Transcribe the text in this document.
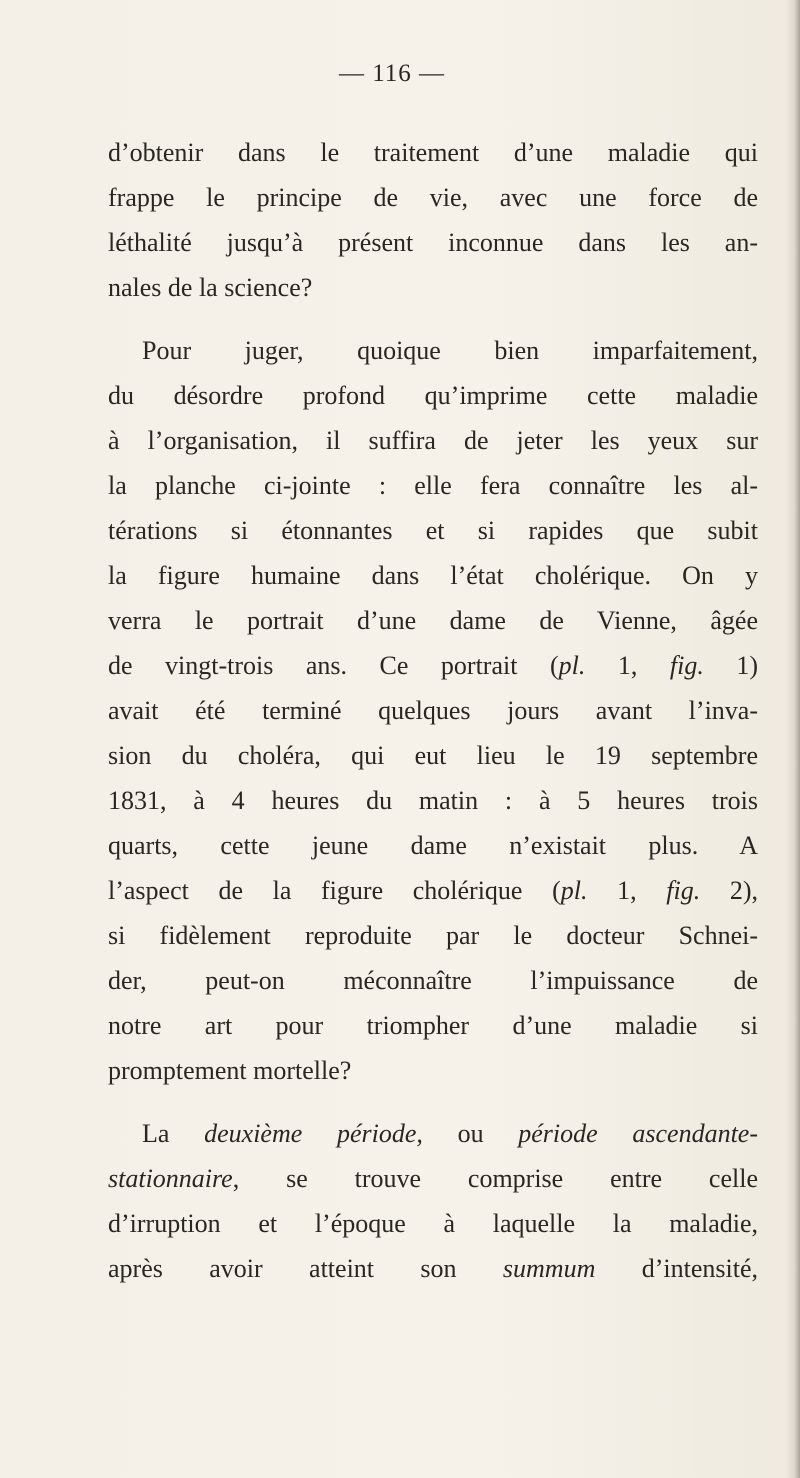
— 116 —
d’obtenir dans le traitement d’une maladie qui
frappe le principe de vie, avec une force de
léthalité jusqu’à présent inconnue dans les an-
nales de la science?
Pour juger, quoique bien imparfaitement,
du désordre profond qu’imprime cette maladie
à l’organisation, il suffira de jeter les yeux sur
la planche ci-jointe : elle fera connaître les al-
térations si étonnantes et si rapides que subit
la figure humaine dans l’état cholérique. On y
verra le portrait d’une dame de Vienne, âgée
de vingt-trois ans. Ce portrait (pl. 1, fig. 1)
avait été terminé quelques jours avant l’inva-
sion du choléra, qui eut lieu le 19 septembre
1831, à 4 heures du matin : à 5 heures trois
quarts, cette jeune dame n’existait plus. A
l’aspect de la figure cholérique (pl. 1, fig. 2),
si fidèlement reproduite par le docteur Schnei-
der, peut-on méconnaître l’impuissance de
notre art pour triompher d’une maladie si
promptement mortelle?
La deuxième période, ou période ascendante-
stationnaire, se trouve comprise entre celle
d’irruption et l’époque à laquelle la maladie,
après avoir atteint son summum d’intensité,
